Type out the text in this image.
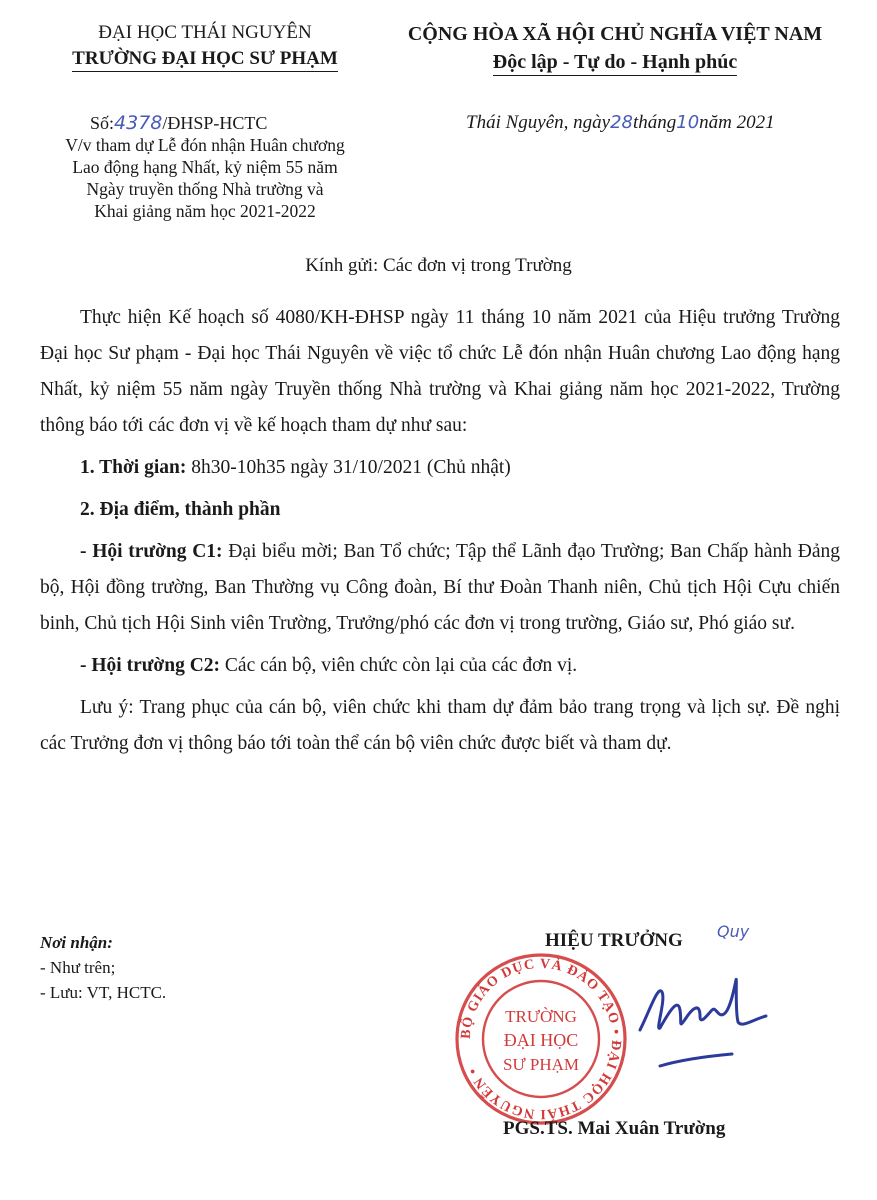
ĐẠI HỌC THÁI NGUYÊN
TRƯỜNG ĐẠI HỌC SƯ PHẠM
CỘNG HÒA XÃ HỘI CHỦ NGHĨA VIỆT NAM
Độc lập - Tự do - Hạnh phúc
Số:4378/ĐHSP-HCTC
V/v tham dự Lễ đón nhận Huân chương
Lao động hạng Nhất, kỷ niệm 55 năm
Ngày truyền thống Nhà trường và
Khai giảng năm học 2021-2022
Thái Nguyên, ngày28tháng10năm 2021
Kính gửi: Các đơn vị trong Trường

Thực hiện Kế hoạch số 4080/KH-ĐHSP ngày 11 tháng 10 năm 2021 của Hiệu trưởng Trường Đại học Sư phạm - Đại học Thái Nguyên về việc tổ chức Lễ đón nhận Huân chương Lao động hạng Nhất, kỷ niệm 55 năm ngày Truyền thống Nhà trường và Khai giảng năm học 2021-2022, Trường thông báo tới các đơn vị về kế hoạch tham dự như sau:

1. Thời gian: 8h30-10h35 ngày 31/10/2021 (Chủ nhật)

2. Địa điểm, thành phần

- Hội trường C1: Đại biểu mời; Ban Tổ chức; Tập thể Lãnh đạo Trường; Ban Chấp hành Đảng bộ, Hội đồng trường, Ban Thường vụ Công đoàn, Bí thư Đoàn Thanh niên, Chủ tịch Hội Cựu chiến binh, Chủ tịch Hội Sinh viên Trường, Trưởng/phó các đơn vị trong trường, Giáo sư, Phó giáo sư.

- Hội trường C2: Các cán bộ, viên chức còn lại của các đơn vị.

Lưu ý: Trang phục của cán bộ, viên chức khi tham dự đảm bảo trang trọng và lịch sự. Đề nghị các Trưởng đơn vị thông báo tới toàn thể cán bộ viên chức được biết và tham dự.

Nơi nhận:
- Như trên;
- Lưu: VT, HCTC.
HIỆU TRƯỞNG Quy
BỘ GIÁO DỤC VÀ ĐÀO TẠO • ĐẠI HỌC THÁI NGUYÊN •
TRƯỜNG
ĐẠI HỌC
SƯ PHẠM
PGS.TS. Mai Xuân Trường
